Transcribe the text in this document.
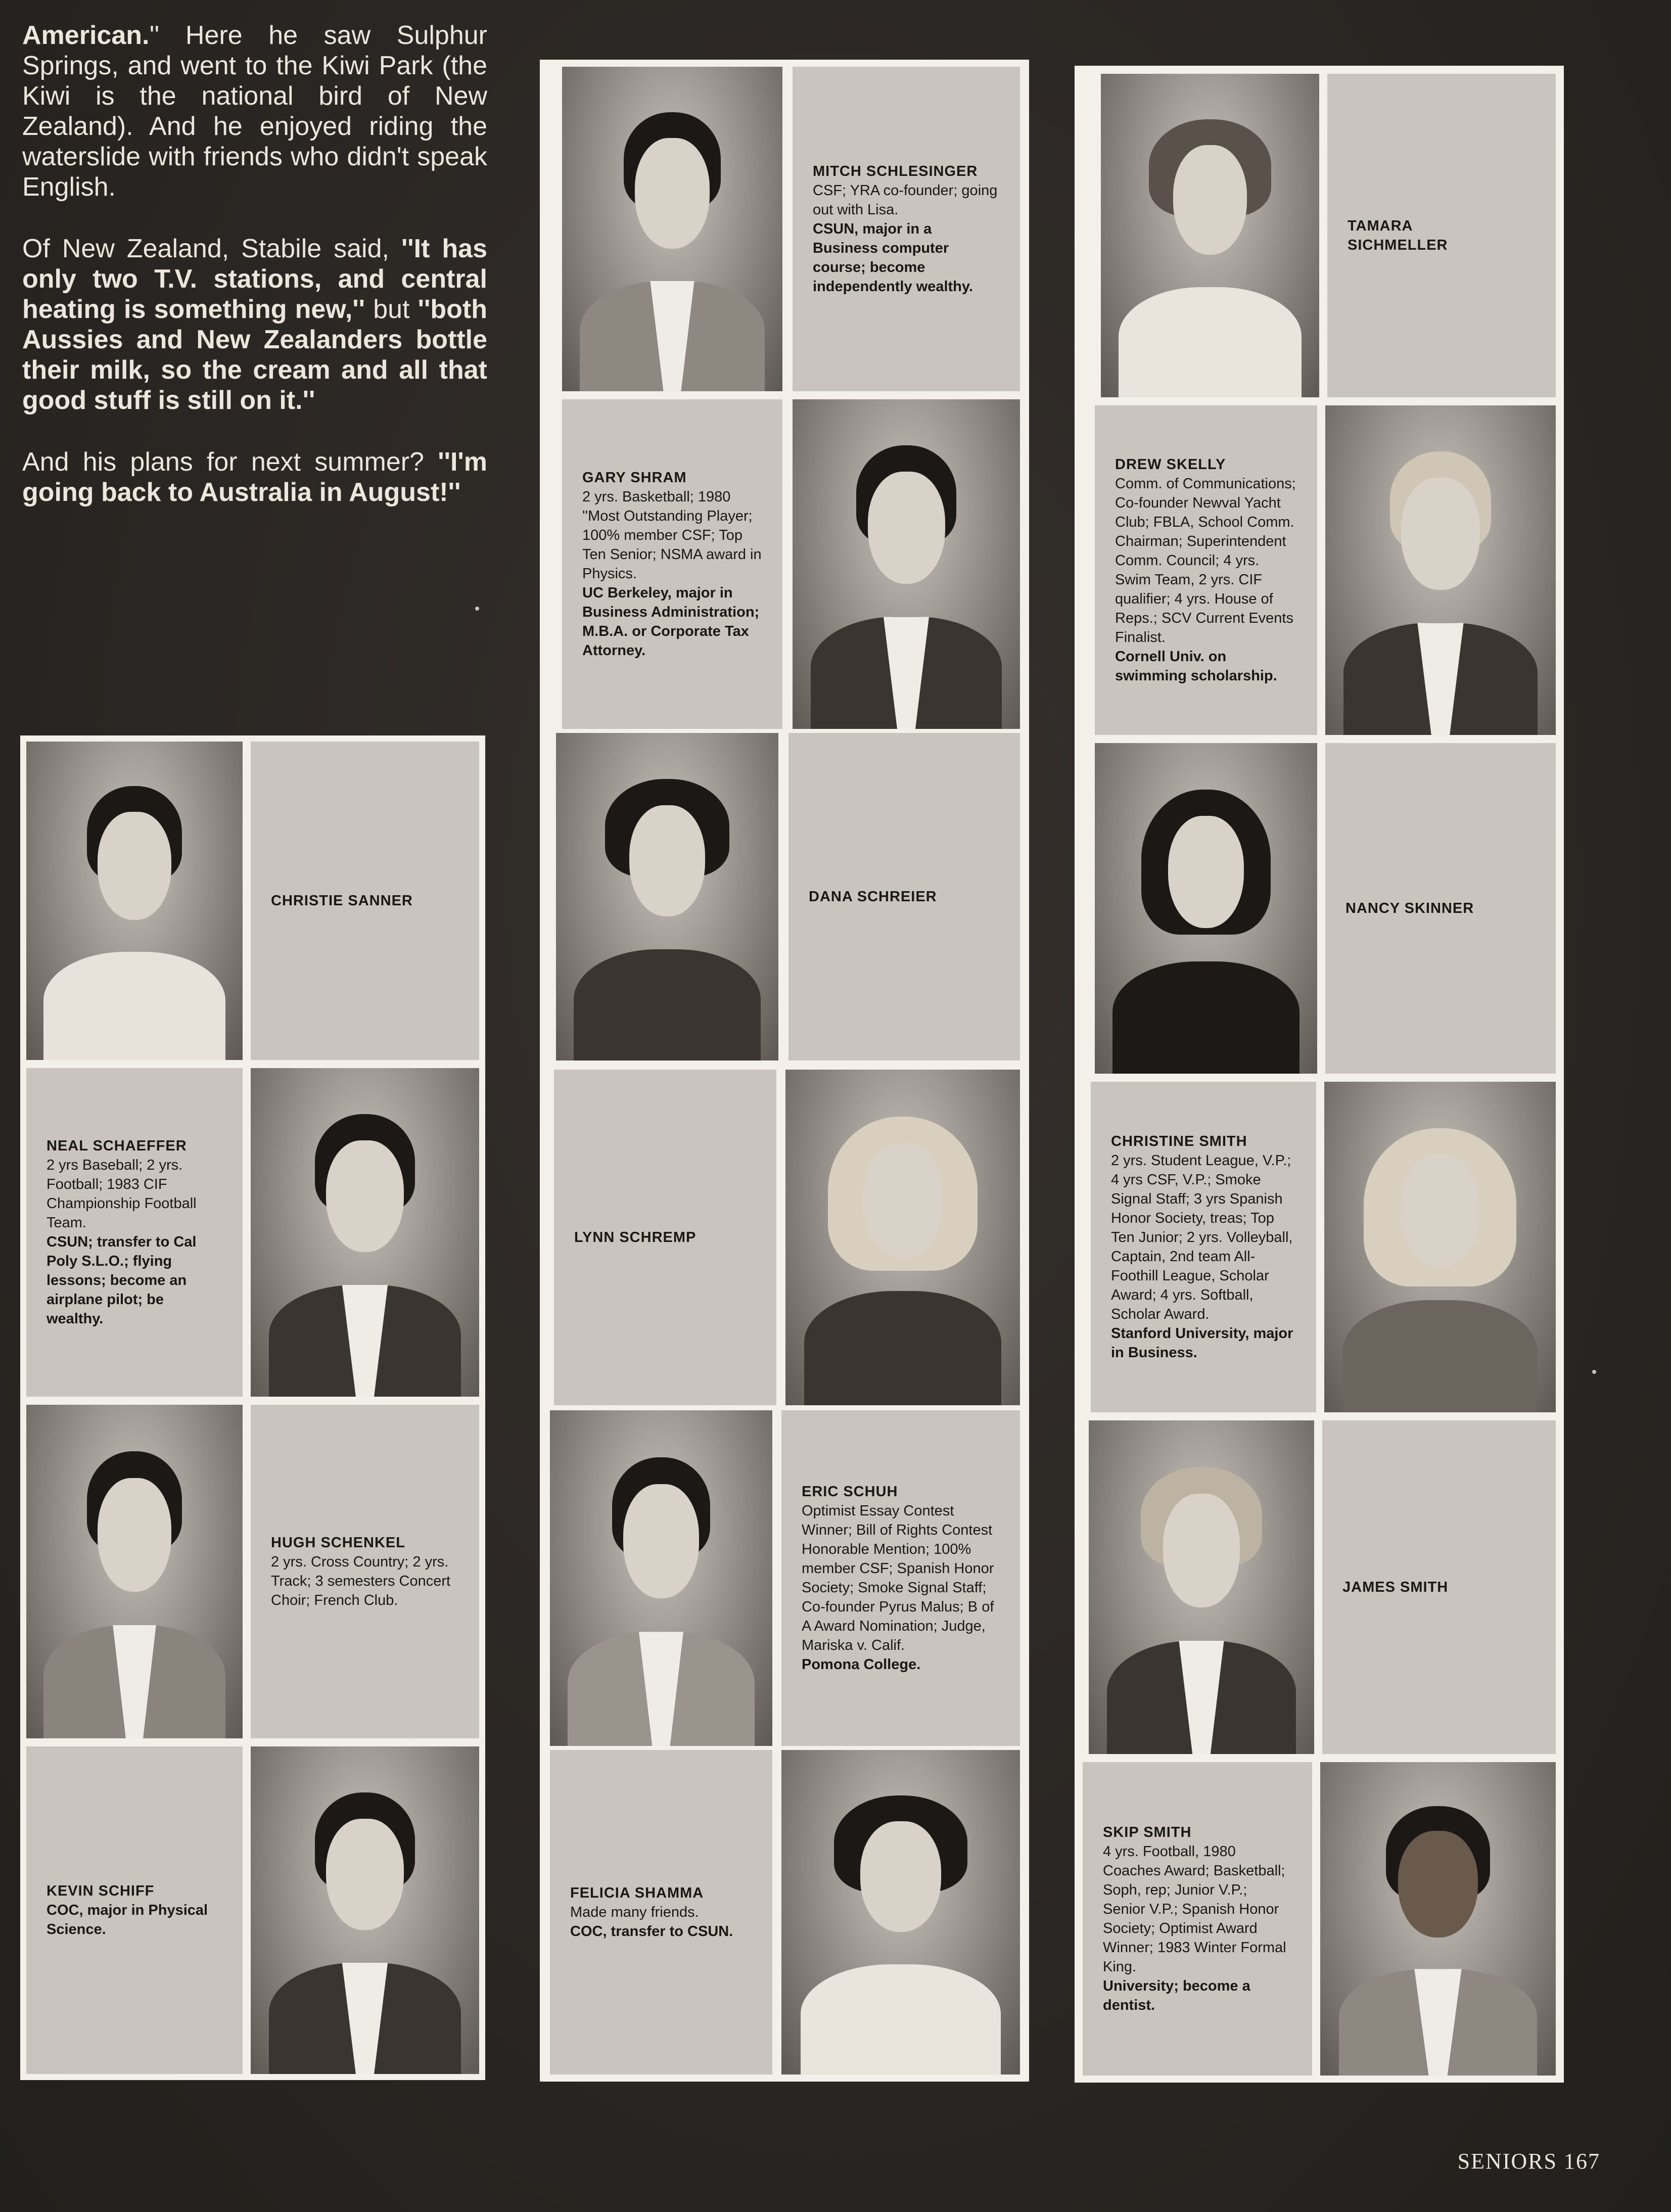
American.'' Here he saw Sulphur Springs, and went to the Kiwi Park (the Kiwi is the national bird of New Zealand). And he enjoyed riding the waterslide with friends who didn't speak English.

Of New Zealand, Stabile said, ''It has only two T.V. stations, and central heating is something new,'' but ''both Aussies and New Zealanders bottle their milk, so the cream and all that good stuff is still on it.''

And his plans for next summer? ''I'm going back to Australia in August!''

CHRISTIE SANNER
NEAL SCHAEFFER
2 yrs Baseball; 2 yrs. Football; 1983 CIF Championship Football Team.
CSUN; transfer to Cal Poly S.L.O.; flying lessons; become an airplane pilot; be wealthy.
HUGH SCHENKEL
2 yrs. Cross Country; 2 yrs. Track; 3 semesters Concert Choir; French Club.
KEVIN SCHIFF
COC, major in Physical Science.
MITCH SCHLESINGER
CSF; YRA co-founder; going out with Lisa.
CSUN, major in a Business computer course; become independently wealthy.
GARY SHRAM
2 yrs. Basketball; 1980 ''Most Outstanding Player; 100% member CSF; Top Ten Senior; NSMA award in Physics.
UC Berkeley, major in Business Administration; M.B.A. or Corporate Tax Attorney.
DANA SCHREIER
LYNN SCHREMP
ERIC SCHUH
Optimist Essay Contest Winner; Bill of Rights Contest Honorable Mention; 100% member CSF; Spanish Honor Society; Smoke Signal Staff; Co-founder Pyrus Malus; B of A Award Nomination; Judge, Mariska v. Calif.
Pomona College.
FELICIA SHAMMA
Made many friends.
COC, transfer to CSUN.
TAMARA
SICHMELLER
DREW SKELLY
Comm. of Communications; Co-founder Newval Yacht Club; FBLA, School Comm. Chairman; Superintendent Comm. Council; 4 yrs. Swim Team, 2 yrs. CIF qualifier; 4 yrs. House of Reps.; SCV Current Events Finalist.
Cornell Univ. on swimming scholarship.
NANCY SKINNER
CHRISTINE SMITH
2 yrs. Student League, V.P.; 4 yrs CSF, V.P.; Smoke Signal Staff; 3 yrs Spanish Honor Society, treas; Top Ten Junior; 2 yrs. Volleyball, Captain, 2nd team All- Foothill League, Scholar Award; 4 yrs. Softball, Scholar Award.
Stanford University, major in Business.
JAMES SMITH
SKIP SMITH
4 yrs. Football, 1980 Coaches Award; Basketball; Soph, rep; Junior V.P.; Senior V.P.; Spanish Honor Society; Optimist Award Winner; 1983 Winter Formal King.
University; become a dentist.
SENIORS 167
